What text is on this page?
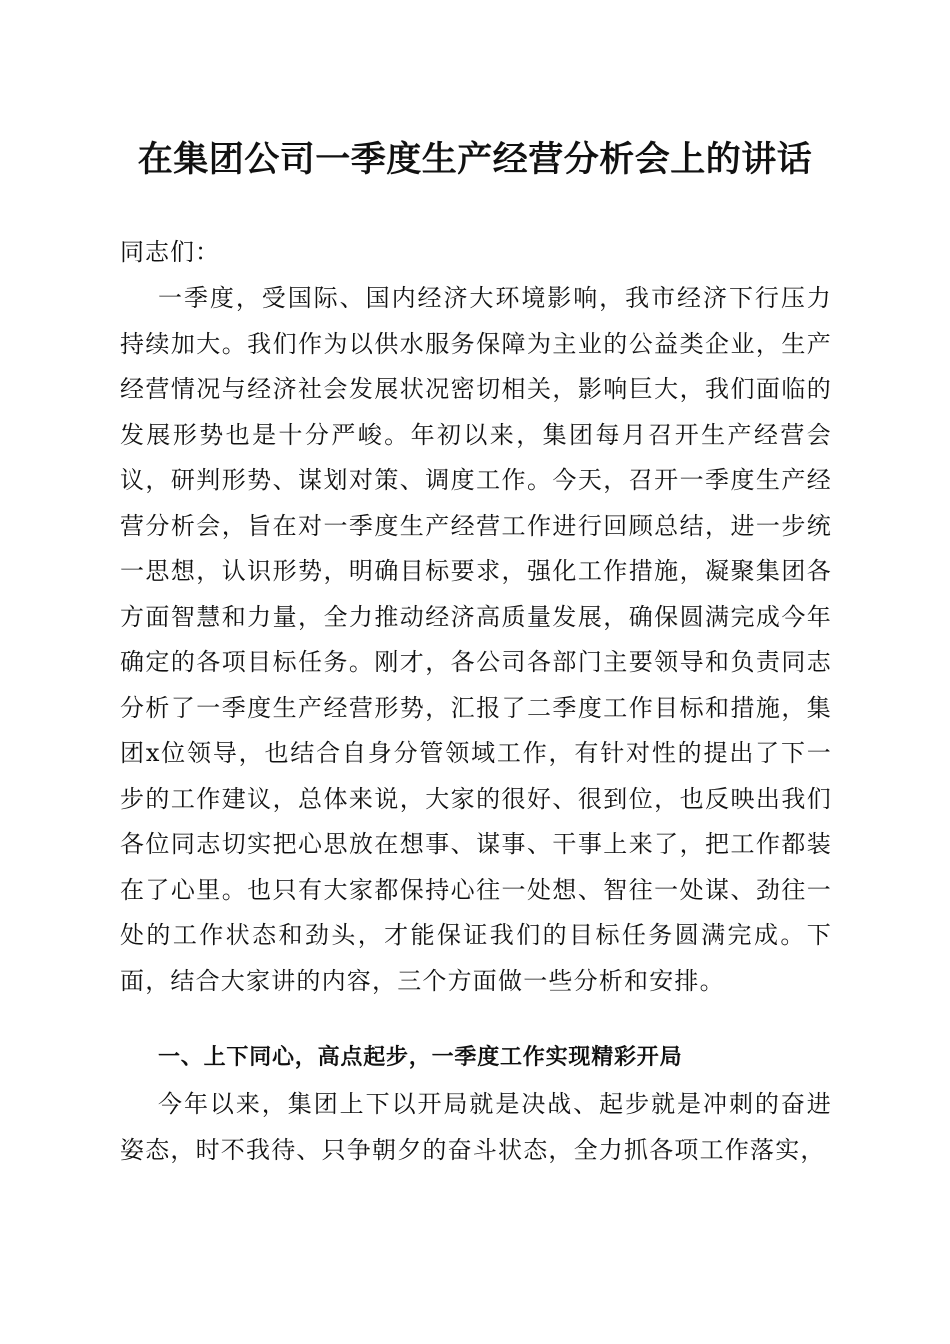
在集团公司一季度生产经营分析会上的讲话

同志们：

一季度，受国际、国内经济大环境影响，我市经济下行压力持续加大。我们作为以供水服务保障为主业的公益类企业，生产经营情况与经济社会发展状况密切相关，影响巨大，我们面临的发展形势也是十分严峻。年初以来，集团每月召开生产经营会议，研判形势、谋划对策、调度工作。今天，召开一季度生产经营分析会，旨在对一季度生产经营工作进行回顾总结，进一步统一思想，认识形势，明确目标要求，强化工作措施，凝聚集团各方面智慧和力量，全力推动经济高质量发展，确保圆满完成今年确定的各项目标任务。刚才，各公司各部门主要领导和负责同志分析了一季度生产经营形势，汇报了二季度工作目标和措施，集团x位领导，也结合自身分管领域工作，有针对性的提出了下一步的工作建议，总体来说，大家的很好、很到位，也反映出我们各位同志切实把心思放在想事、谋事、干事上来了，把工作都装在了心里。也只有大家都保持心往一处想、智往一处谋、劲往一处的工作状态和劲头，才能保证我们的目标任务圆满完成。下面，结合大家讲的内容，三个方面做一些分析和安排。

一、上下同心，高点起步，一季度工作实现精彩开局

今年以来，集团上下以开局就是决战、起步就是冲刺的奋进姿态，时不我待、只争朝夕的奋斗状态，全力抓各项工作落实，
